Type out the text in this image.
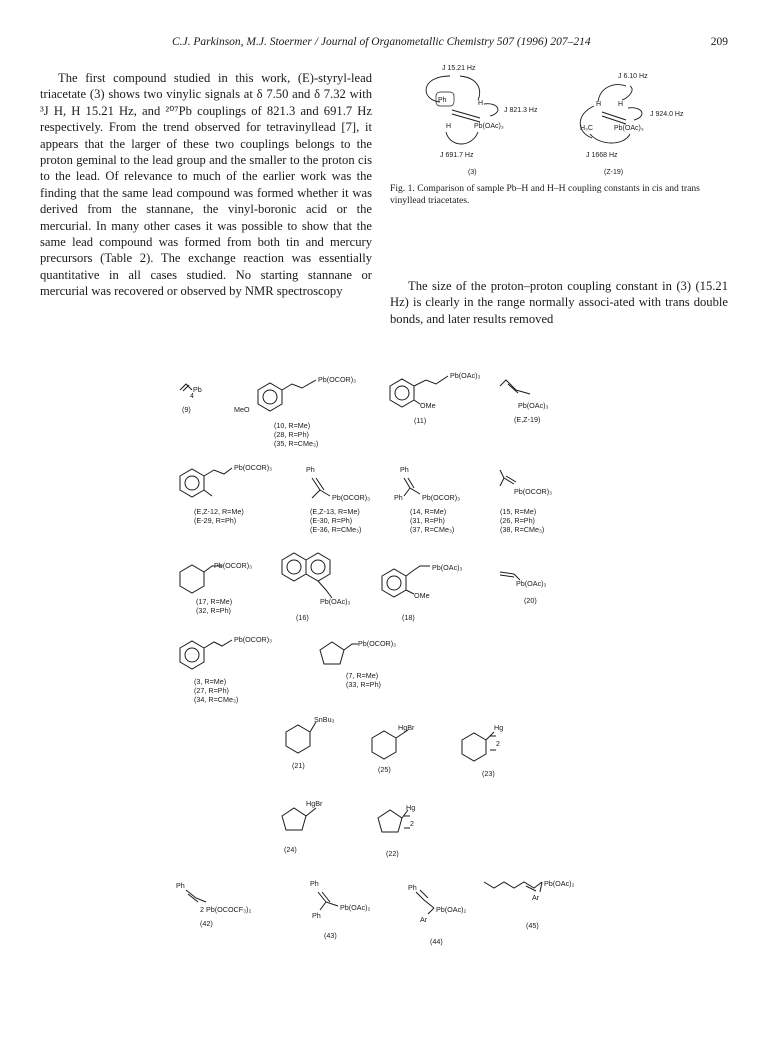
C.J. Parkinson, M.J. Stoermer / Journal of Organometallic Chemistry 507 (1996) 207–214	209

The first compound studied in this work, (E)-styryl-lead triacetate (3) shows two vinylic signals at δ 7.50 and δ 7.32 with ³J H, H 15.21 Hz, and ²⁰⁷Pb couplings of 821.3 and 691.7 Hz respectively. From the trend observed for tetravinyllead [7], it appears that the larger of these two couplings belongs to the proton geminal to the lead group and the smaller to the proton cis to the lead. Of relevance to much of the earlier work was the finding that the same lead compound was formed whether it was derived from the stannane, the vinyl-boronic acid or the mercurial. In many other cases it was possible to show that the same lead compound was formed from both tin and mercury precursors (Table 2). The exchange reaction was essentially quantitative in all cases studied. No starting stannane or mercurial was recovered or observed by NMR spectroscopy	The size of the proton–proton coupling constant in (3) (15.21 Hz) is clearly in the range normally associ-ated with trans double bonds, and later results removed

Fig. 1. Comparison of sample Pb–H and H–H coupling constants in cis and trans vinyllead triacetates.
J 15.21 Hz
Ph	H
J 821.3 Hz
H	Pb(OAc)₃
J 691.7 Hz
(3)
J 6.10 Hz
H H
J 924.0 Hz
H₃C	Pb(OAc)₃
J 1668 Hz
(Z-19)
Pb
4
(9)
Pb(OCOR)₃
MeO
(10, R=Me)
(28, R=Ph)
(35, R=CMe₃)
Pb(OAc)₃
OMe
(11)
Pb(OAc)₃
(E,Z-19)
Pb(OCOR)₃
(E,Z-12, R=Me)
(E-29, R=Ph)
Ph
Pb(OCOR)₃
(E,Z-13, R=Me)
(E-30, R=Ph)
(E-36, R=CMe₃)
Ph
Ph	Pb(OCOR)₃
(14, R=Me)
(31, R=Ph)
(37, R=CMe₃)
Pb(OCOR)₃
(15, R=Me)
(26, R=Ph)
(38, R=CMe₃)
Pb(OCOR)₃
(17, R=Me)
(32, R=Ph)
Pb(OAc)₃
(16)
Pb(OAc)₃
OMe
(18)
Pb(OAc)₃
(20)
Pb(OCOR)₃
(3, R=Me)
(27, R=Ph)
(34, R=CMe₃)
Pb(OCOR)₃
(7, R=Me)
(33, R=Ph)
SnBu₃
(21)
HgBr
(25)
Hg
2
(23)
HgBr
(24)
Hg
2
(22)
Ph
2 Pb(OCOCF₃)₂
(42)
Ph
Pb(OAc)₂
Ph
(43)
Ph
Pb(OAc)₂
Ar
(44)
Pb(OAc)₂
Ar
(45)
